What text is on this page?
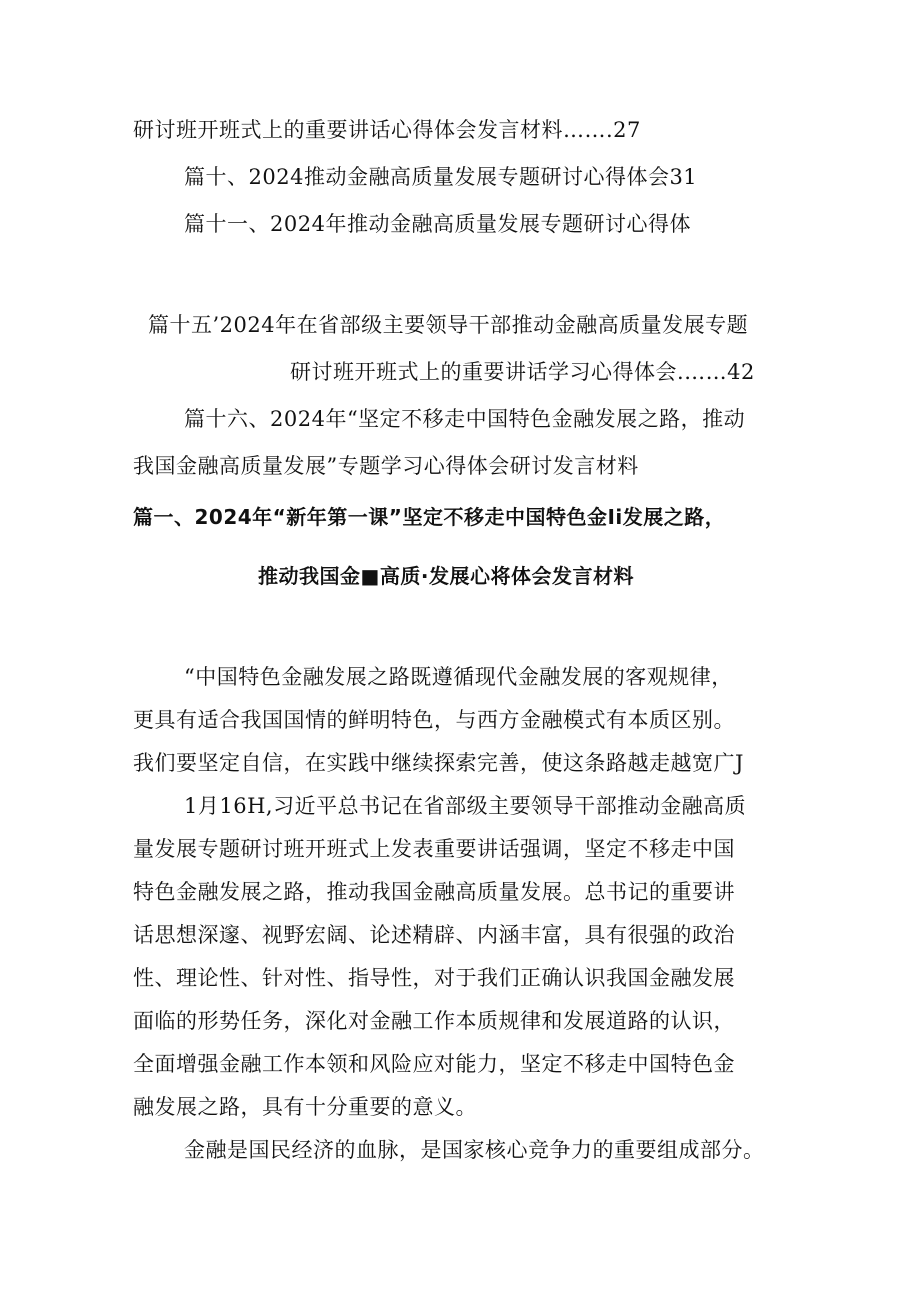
研讨班开班式上的重要讲话心得体会发言材料…….27
篇十、2024推动金融高质量发展专题研讨心得体会31
篇十一、2024年推动金融高质量发展专题研讨心得体
篇十五’2024年在省部级主要领导干部推动金融高质量发展专题
研讨班开班式上的重要讲话学习心得体会.……42
篇十六、2024年“坚定不移走中国特色金融发展之路，推动
我国金融高质量发展”专题学习心得体会研讨发言材料
篇一、2024年“新年第一课”坚定不移走中国特色金Ii发展之路，
推动我国金■高质·发展心将体会发言材料
“中国特色金融发展之路既遵循现代金融发展的客观规律，
更具有适合我国国情的鲜明特色，与西方金融模式有本质区别。
我们要坚定自信，在实践中继续探索完善，使这条路越走越宽广J
1月16H,习近平总书记在省部级主要领导干部推动金融高质
量发展专题研讨班开班式上发表重要讲话强调，坚定不移走中国
特色金融发展之路，推动我国金融高质量发展。总书记的重要讲
话思想深邃、视野宏阔、论述精辟、内涵丰富，具有很强的政治
性、理论性、针对性、指导性，对于我们正确认识我国金融发展
面临的形势任务，深化对金融工作本质规律和发展道路的认识，
全面增强金融工作本领和风险应对能力，坚定不移走中国特色金
融发展之路，具有十分重要的意义。
金融是国民经济的血脉，是国家核心竞争力的重要组成部分。
